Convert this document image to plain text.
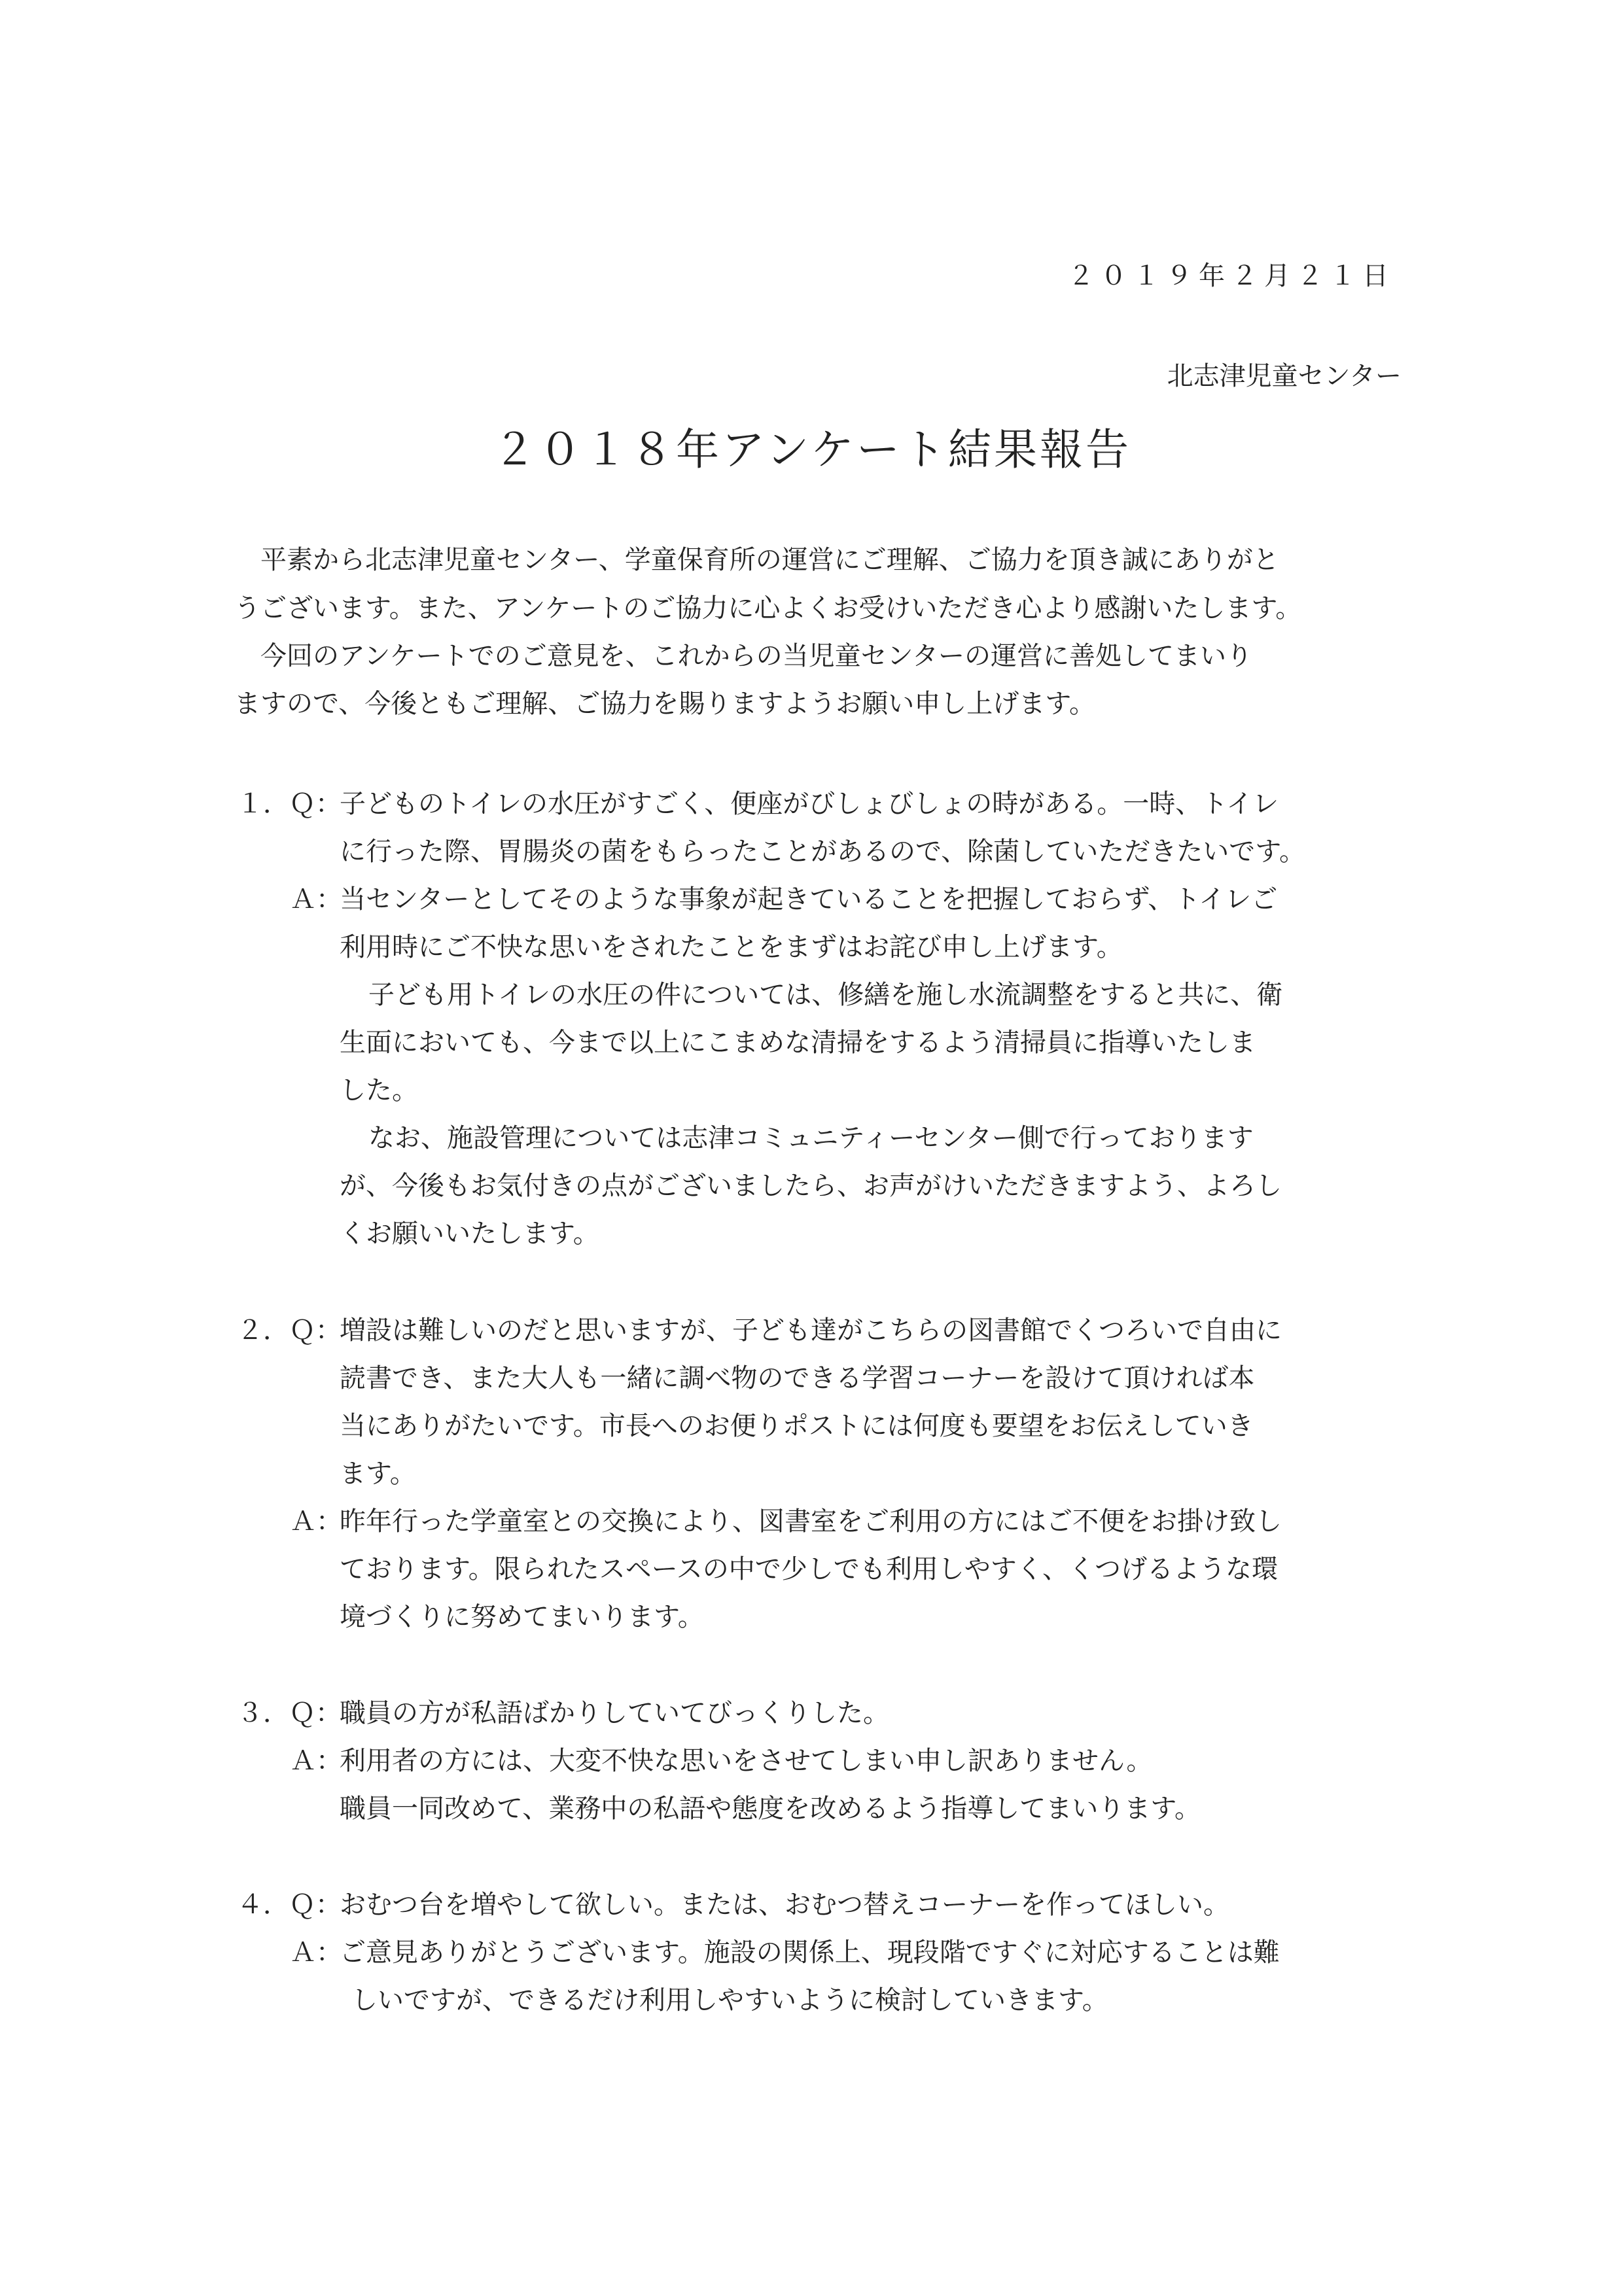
２０１９年２月２１日
北志津児童センター
２０１８年アンケート結果報告
平素から北志津児童センター、学童保育所の運営にご理解、ご協力を頂き誠にありがと
うございます。また、アンケートのご協力に心よくお受けいただき心より感謝いたします。
今回のアンケートでのご意見を、これからの当児童センターの運営に善処してまいり
ますので、今後ともご理解、ご協力を賜りますようお願い申し上げます。
１．Ｑ：
子どものトイレの水圧がすごく、便座がびしょびしょの時がある。一時、トイレ
に行った際、胃腸炎の菌をもらったことがあるので、除菌していただきたいです。
Ａ：
当センターとしてそのような事象が起きていることを把握しておらず、トイレご
利用時にご不快な思いをされたことをまずはお詫び申し上げます。
子ども用トイレの水圧の件については、修繕を施し水流調整をすると共に、衛
生面においても、今まで以上にこまめな清掃をするよう清掃員に指導いたしま
した。
なお、施設管理については志津コミュニティーセンター側で行っております
が、今後もお気付きの点がございましたら、お声がけいただきますよう、よろし
くお願いいたします。
２．Ｑ：
増設は難しいのだと思いますが、子ども達がこちらの図書館でくつろいで自由に
読書でき、また大人も一緒に調べ物のできる学習コーナーを設けて頂ければ本
当にありがたいです。市長へのお便りポストには何度も要望をお伝えしていき
ます。
Ａ：
昨年行った学童室との交換により、図書室をご利用の方にはご不便をお掛け致し
ております。限られたスペースの中で少しでも利用しやすく、くつげるような環
境づくりに努めてまいります。
３．Ｑ：
職員の方が私語ばかりしていてびっくりした。
Ａ：
利用者の方には、大変不快な思いをさせてしまい申し訳ありません。
職員一同改めて、業務中の私語や態度を改めるよう指導してまいります。
４．Ｑ：
おむつ台を増やして欲しい。または、おむつ替えコーナーを作ってほしい。
Ａ：
ご意見ありがとうございます。施設の関係上、現段階ですぐに対応することは難
しいですが、できるだけ利用しやすいように検討していきます。
